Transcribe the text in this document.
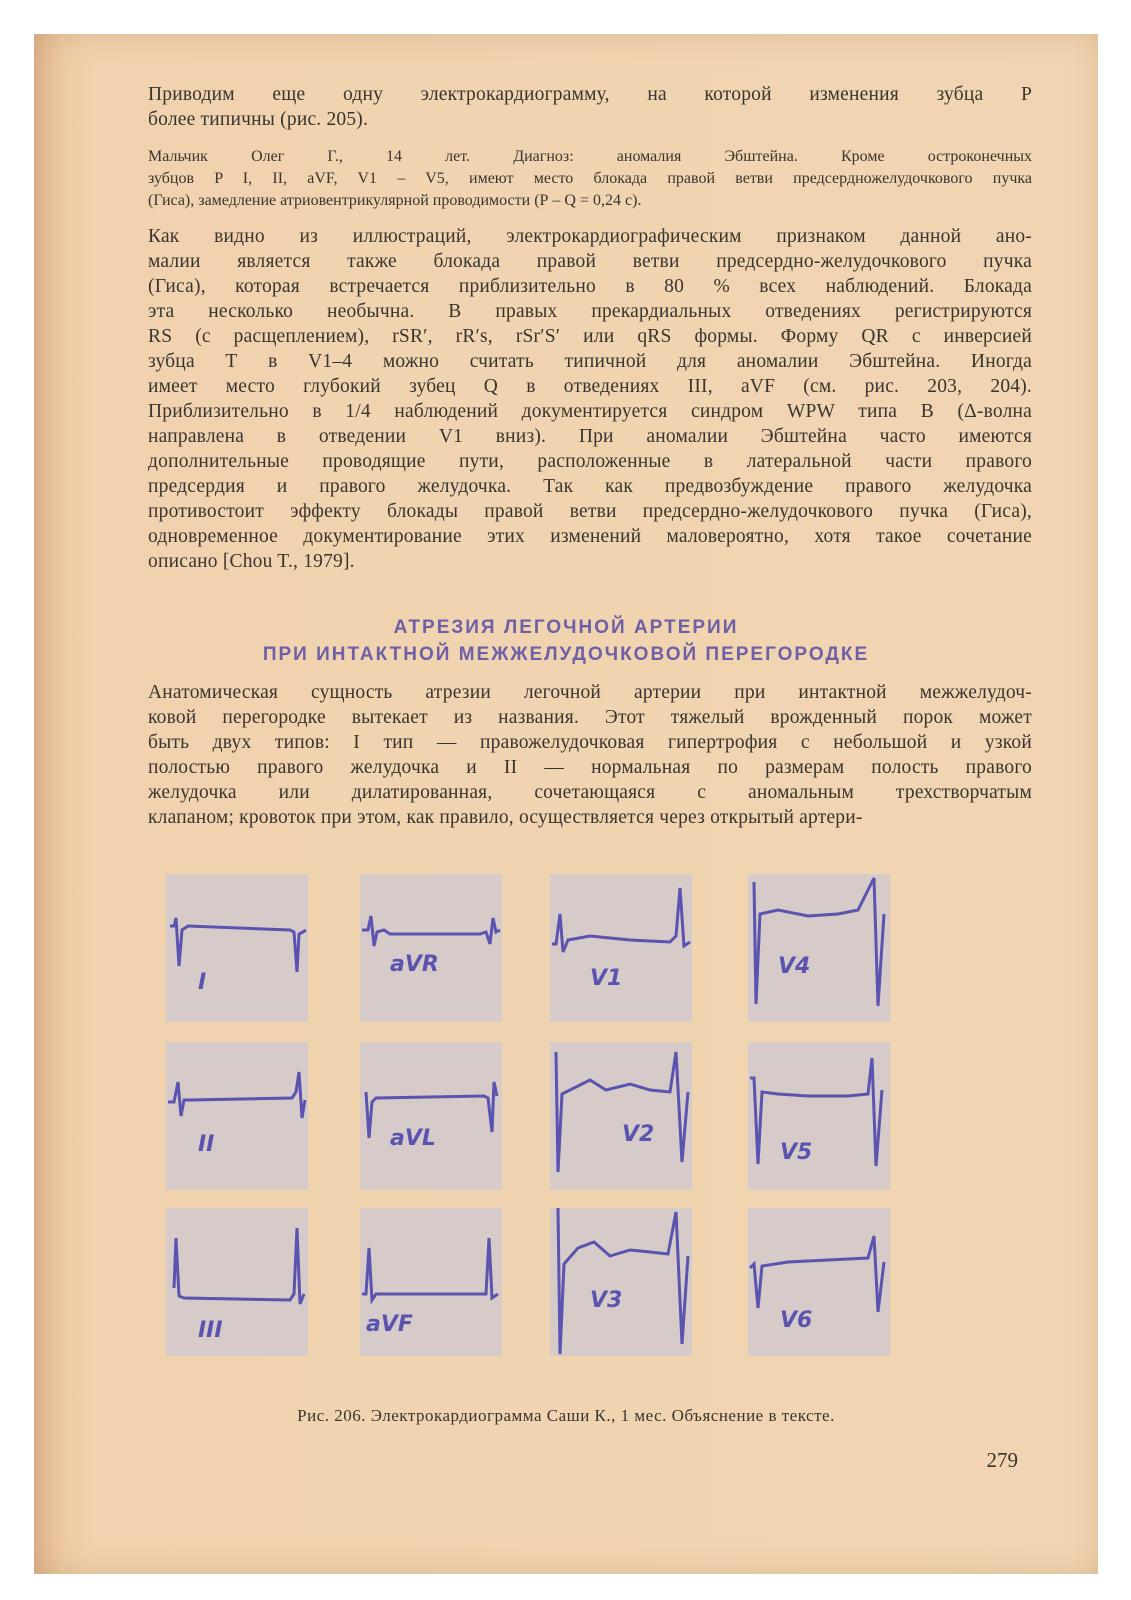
Приводим еще одну электрокардиограмму, на которой изменения зубца Р
более типичны (рис. 205).
Мальчик Олег Г., 14 лет. Диагноз: аномалия Эбштейна. Кроме остроконечных
зубцов P I, II, aVF, V1 – V5, имеют место блокада правой ветви предсердножелудочкового пучка
(Гиса), замедление атриовентрикулярной проводимости (Р – Q = 0,24 с).
Как видно из иллюстраций, электрокардиографическим признаком данной ано-
малии является также блокада правой ветви предсердно-желудочкового пучка
(Гиса), которая встречается приблизительно в 80 % всех наблюдений. Блокада
эта несколько необычна. В правых прекардиальных отведениях регистрируются
RS (с расщеплением), rSR′, rR′s, rSr′S′ или qRS формы. Форму QR с инверсией
зубца Т в V1–4 можно считать типичной для аномалии Эбштейна. Иногда
имеет место глубокий зубец Q в отведениях III, aVF (см. рис. 203, 204).
Приблизительно в 1/4 наблюдений документируется синдром WPW типа B (Δ-волна
направлена в отведении V1 вниз). При аномалии Эбштейна часто имеются
дополнительные проводящие пути, расположенные в латеральной части правого
предсердия и правого желудочка. Так как предвозбуждение правого желудочка
противостоит эффекту блокады правой ветви предсердно-желудочкового пучка (Гиса),
одновременное документирование этих изменений маловероятно, хотя такое сочетание
описано [Chou T., 1979].
АТРЕЗИЯ ЛЕГОЧНОЙ АРТЕРИИ
ПРИ ИНТАКТНОЙ МЕЖЖЕЛУДОЧКОВОЙ ПЕРЕГОРОДКЕ
Анатомическая сущность атрезии легочной артерии при интактной межжелудоч-
ковой перегородке вытекает из названия. Этот тяжелый врожденный порок может
быть двух типов: I тип — правожелудочковая гипертрофия с небольшой и узкой
полостью правого желудочка и II — нормальная по размерам полость правого
желудочка или дилатированная, сочетающаяся с аномальным трехстворчатым
клапаном; кровоток при этом, как правило, осуществляется через открытый артери-
I
II
III
aVR
aVL
aVF
V1
V2
V3
V4
V5
V6
Рис. 206. Электрокардиограмма Саши К., 1 мес. Объяснение в тексте.
279
